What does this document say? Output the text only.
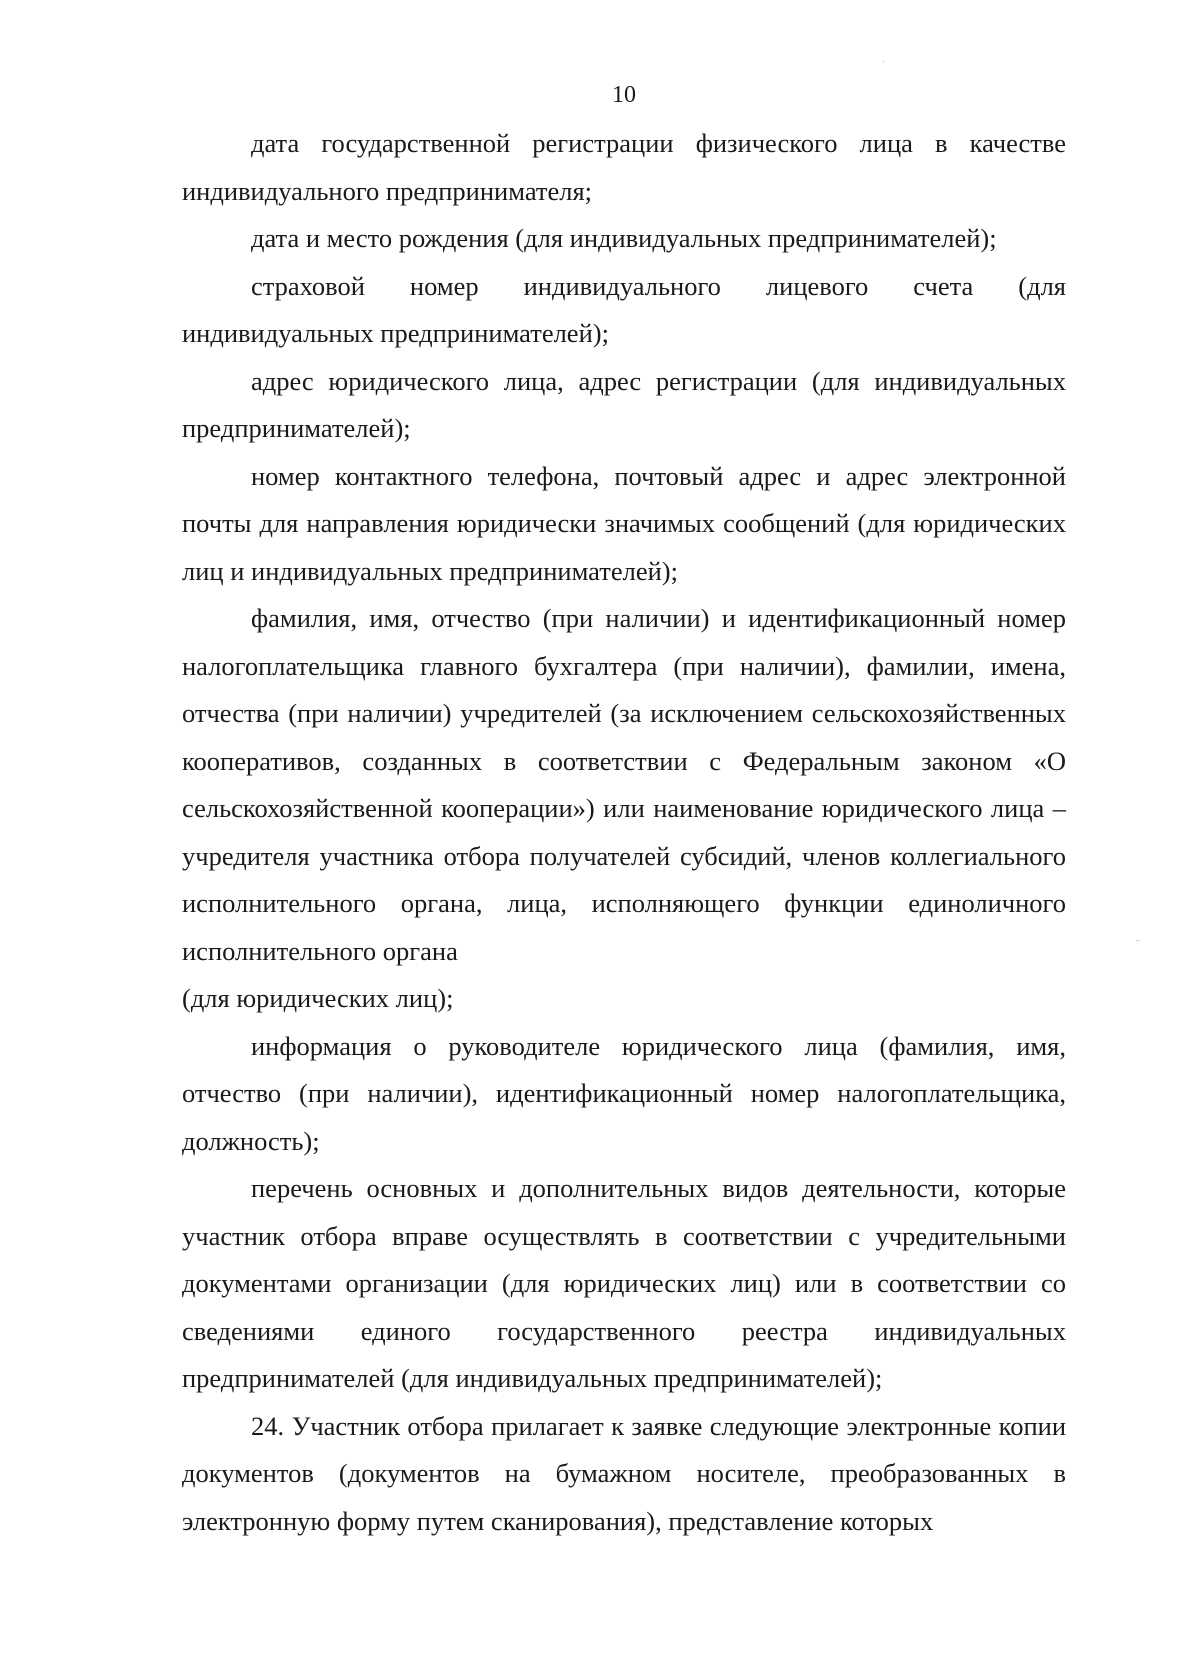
10

дата государственной регистрации физического лица в качестве индивидуального предпринимателя;

дата и место рождения (для индивидуальных предпринимателей);

страховой номер индивидуального лицевого счета (для индивидуальных предпринимателей);

адрес юридического лица, адрес регистрации (для индивидуальных предпринимателей);

номер контактного телефона, почтовый адрес и адрес электронной почты для направления юридически значимых сообщений (для юридических лиц и индивидуальных предпринимателей);

фамилия, имя, отчество (при наличии) и идентификационный номер налогоплательщика главного бухгалтера (при наличии), фамилии, имена, отчества (при наличии) учредителей (за исключением сельскохозяйственных кооперативов, созданных в соответствии с Федеральным законом «О сельскохозяйственной кооперации») или наименование юридического лица – учредителя участника отбора получателей субсидий, членов коллегиального исполнительного органа, лица, исполняющего функции единоличного исполнительного органа

(для юридических лиц);

информация о руководителе юридического лица (фамилия, имя, отчество (при наличии), идентификационный номер налогоплательщика, должность);

перечень основных и дополнительных видов деятельности, которые участник отбора вправе осуществлять в соответствии с учредительными документами организации (для юридических лиц) или в соответствии со сведениями единого государственного реестра индивидуальных предпринимателей (для индивидуальных предпринимателей);

24. Участник отбора прилагает к заявке следующие электронные копии документов (документов на бумажном носителе, преобразованных в электронную форму путем сканирования), представление которых
